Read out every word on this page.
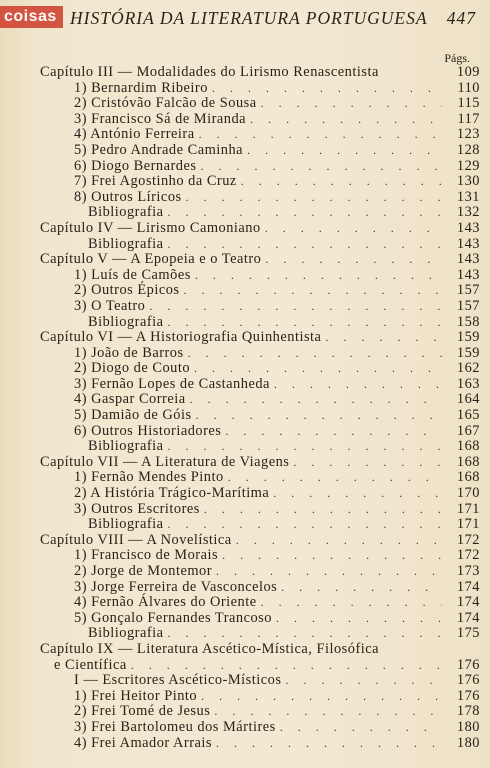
coisas HISTÓRIA DA LITERATURA PORTUGUESA 447
Págs.
Capítulo III — Modalidades do Lirismo Renascentista	109
1) Bernardim Ribeiro . . .	110
2) Cristóvão Falcão de Sousa . . .	115
3) Francisco Sá de Miranda . . .	117
4) António Ferreira . . .	123
5) Pedro Andrade Caminha . . .	128
6) Diogo Bernardes . . .	129
7) Frei Agostinho da Cruz . . .	130
8) Outros Líricos . . .	131
Bibliografia . . .	132
Capítulo IV — Lirismo Camoniano . . .	143
Bibliografia . . .	143
Capítulo V — A Epopeia e o Teatro . . .	143
1) Luís de Camões . . .	143
2) Outros Épicos . . .	157
3) O Teatro . . .	157
Bibliografia . . .	158
Capítulo VI — A Historiografia Quinhentista . . .	159
1) João de Barros . . .	159
2) Diogo de Couto . . .	162
3) Fernão Lopes de Castanheda . . .	163
4) Gaspar Correia . . .	164
5) Damião de Góis . . .	165
6) Outros Historiadores . . .	167
Bibliografia . . .	168
Capítulo VII — A Literatura de Viagens . . .	168
1) Fernão Mendes Pinto . . .	168
2) A História Trágico-Marítima . . .	170
3) Outros Escritores . . .	171
Bibliografia . . .	171
Capítulo VIII — A Novelística . . .	172
1) Francisco de Morais . . .	172
2) Jorge de Montemor . . .	173
3) Jorge Ferreira de Vasconcelos . . .	174
4) Fernão Álvares do Oriente . . .	174
5) Gonçalo Fernandes Trancoso . . .	174
Bibliografia . . .	175
Capítulo IX — Literatura Ascético-Mística, Filosófica
e Científica . . .	176
I — Escritores Ascético-Místicos . . .	176
1) Frei Heitor Pinto . . .	176
2) Frei Tomé de Jesus . . .	178
3) Frei Bartolomeu dos Mártires . . .	180
4) Frei Amador Arrais . . .	180
